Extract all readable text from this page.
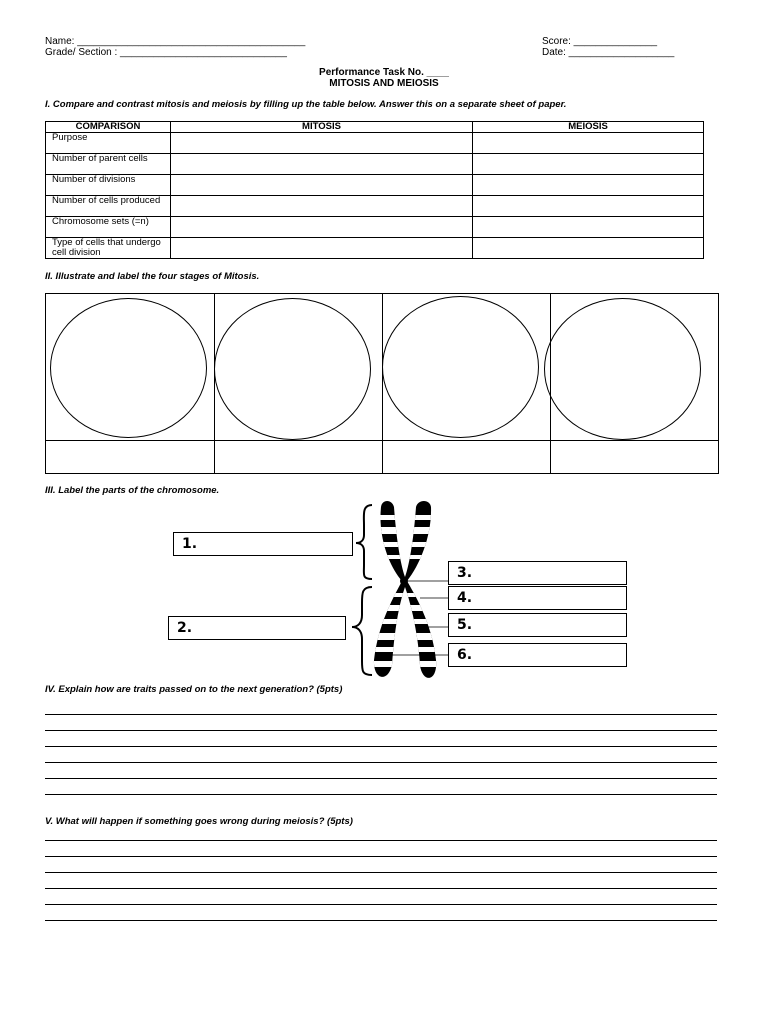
Name: _________________________________________
Grade/ Section : ______________________________
Score: _______________
Date: ___________________
Performance Task No. ____
MITOSIS AND MEIOSIS
I. Compare and contrast mitosis and meiosis by filling up the table below. Answer this on a separate sheet of paper.
COMPARISON	MITOSIS	MEIOSIS
Purpose		
Number of parent cells		
Number of divisions		
Number of cells produced		
Chromosome sets (=n)		
Type of cells that undergo cell division		
II. Illustrate and label the four stages of Mitosis.
III. Label the parts of the chromosome.
1.
2.
3.
4.
5.
6.
IV. Explain how are traits passed on to the next generation? (5pts)
V. What will happen if something goes wrong during meiosis? (5pts)
